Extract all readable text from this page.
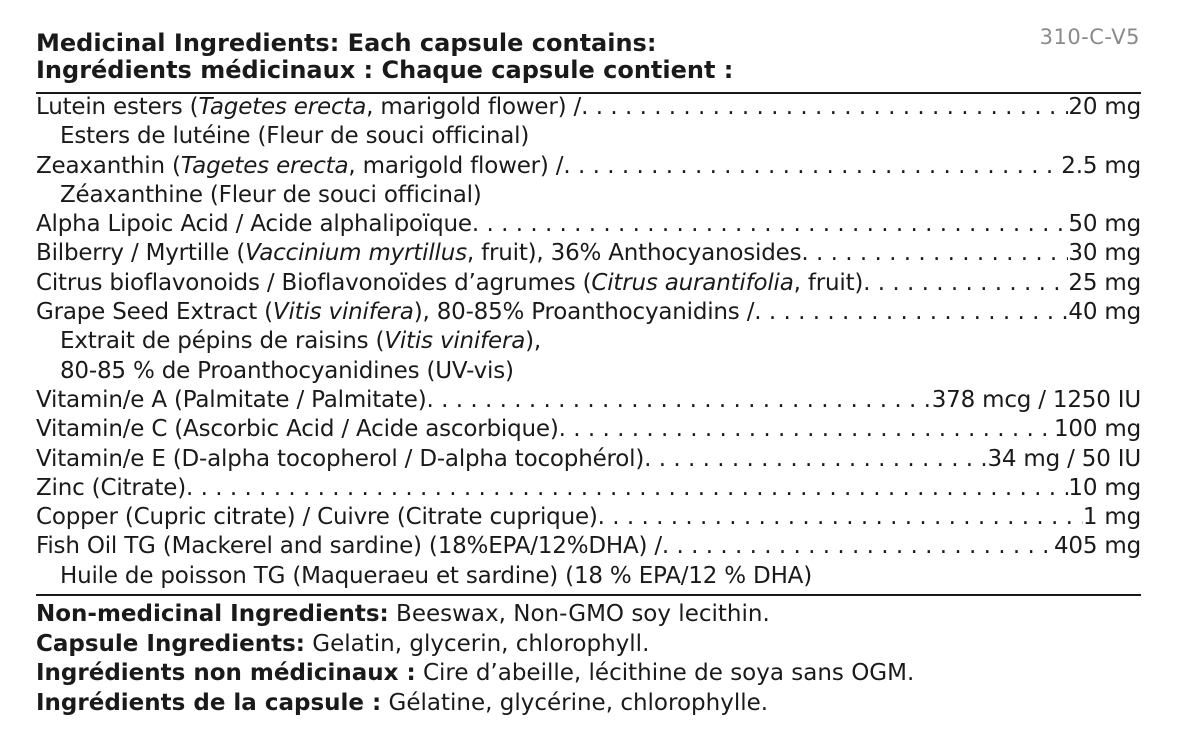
310-C-V5
Medicinal Ingredients: Each capsule contains:
Ingrédients médicinaux : Chaque capsule contient :
Lutein esters (Tagetes erecta, marigold flower) / . . .	20 mg
Esters de lutéine (Fleur de souci officinal)
Zeaxanthin (Tagetes erecta, marigold flower) / . . .	2.5 mg
Zéaxanthine (Fleur de souci officinal)
Alpha Lipoic Acid / Acide alphalipoïque . . .	50 mg
Bilberry / Myrtille (Vaccinium myrtillus, fruit), 36% Anthocyanosides . . .	30 mg
Citrus bioflavonoids / Bioflavonoïdes d’agrumes (Citrus aurantifolia, fruit) . . .	25 mg
Grape Seed Extract (Vitis vinifera), 80-85% Proanthocyanidins / . . .	40 mg
Extrait de pépins de raisins (Vitis vinifera),
80-85 % de Proanthocyanidines (UV-vis)
Vitamin/e A (Palmitate / Palmitate) . . .	378 mcg / 1250 IU
Vitamin/e C (Ascorbic Acid / Acide ascorbique) . . .	100 mg
Vitamin/e E (D-alpha tocopherol / D-alpha tocophérol) . . .	34 mg / 50 IU
Zinc (Citrate) . . .	10 mg
Copper (Cupric citrate) / Cuivre (Citrate cuprique) . . .	1 mg
Fish Oil TG (Mackerel and sardine) (18%EPA/12%DHA) / . . .	405 mg
Huile de poisson TG (Maqueraeu et sardine) (18 % EPA/12 % DHA)
Non-medicinal Ingredients: Beeswax, Non-GMO soy lecithin.
Capsule Ingredients: Gelatin, glycerin, chlorophyll.
Ingrédients non médicinaux : Cire d’abeille, lécithine de soya sans OGM.
Ingrédients de la capsule : Gélatine, glycérine, chlorophylle.
